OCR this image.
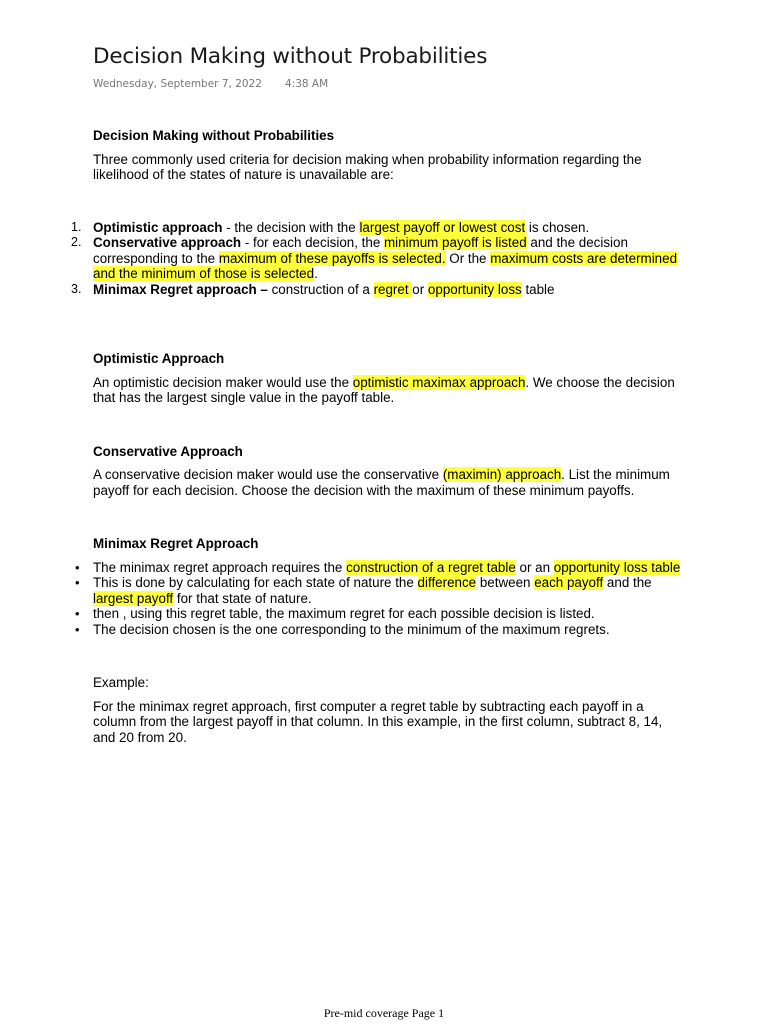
Decision Making without Probabilities
Wednesday, September 7, 2022 4:38 AM
Decision Making without Probabilities

Three commonly used criteria for decision making when probability information regarding the likelihood of the states of nature is unavailable are:

1. Optimistic approach - the decision with the largest payoff or lowest cost is chosen.
2. Conservative approach - for each decision, the minimum payoff is listed and the decision corresponding to the maximum of these payoffs is selected. Or the maximum costs are determined and the minimum of those is selected.
3. Minimax Regret approach – construction of a regret or opportunity loss table
Optimistic Approach

An optimistic decision maker would use the optimistic maximax approach. We choose the decision that has the largest single value in the payoff table.

Conservative Approach

A conservative decision maker would use the conservative (maximin) approach. List the minimum payoff for each decision. Choose the decision with the maximum of these minimum payoffs.

Minimax Regret Approach
• The minimax regret approach requires the construction of a regret table or an opportunity loss table
• This is done by calculating for each state of nature the difference between each payoff and the largest payoff for that state of nature.
• then , using this regret table, the maximum regret for each possible decision is listed.
• The decision chosen is the one corresponding to the minimum of the maximum regrets.

Example:

For the minimax regret approach, first computer a regret table by subtracting each payoff in a column from the largest payoff in that column. In this example, in the first column, subtract 8, 14, and 20 from 20.

Pre-mid coverage Page 1
